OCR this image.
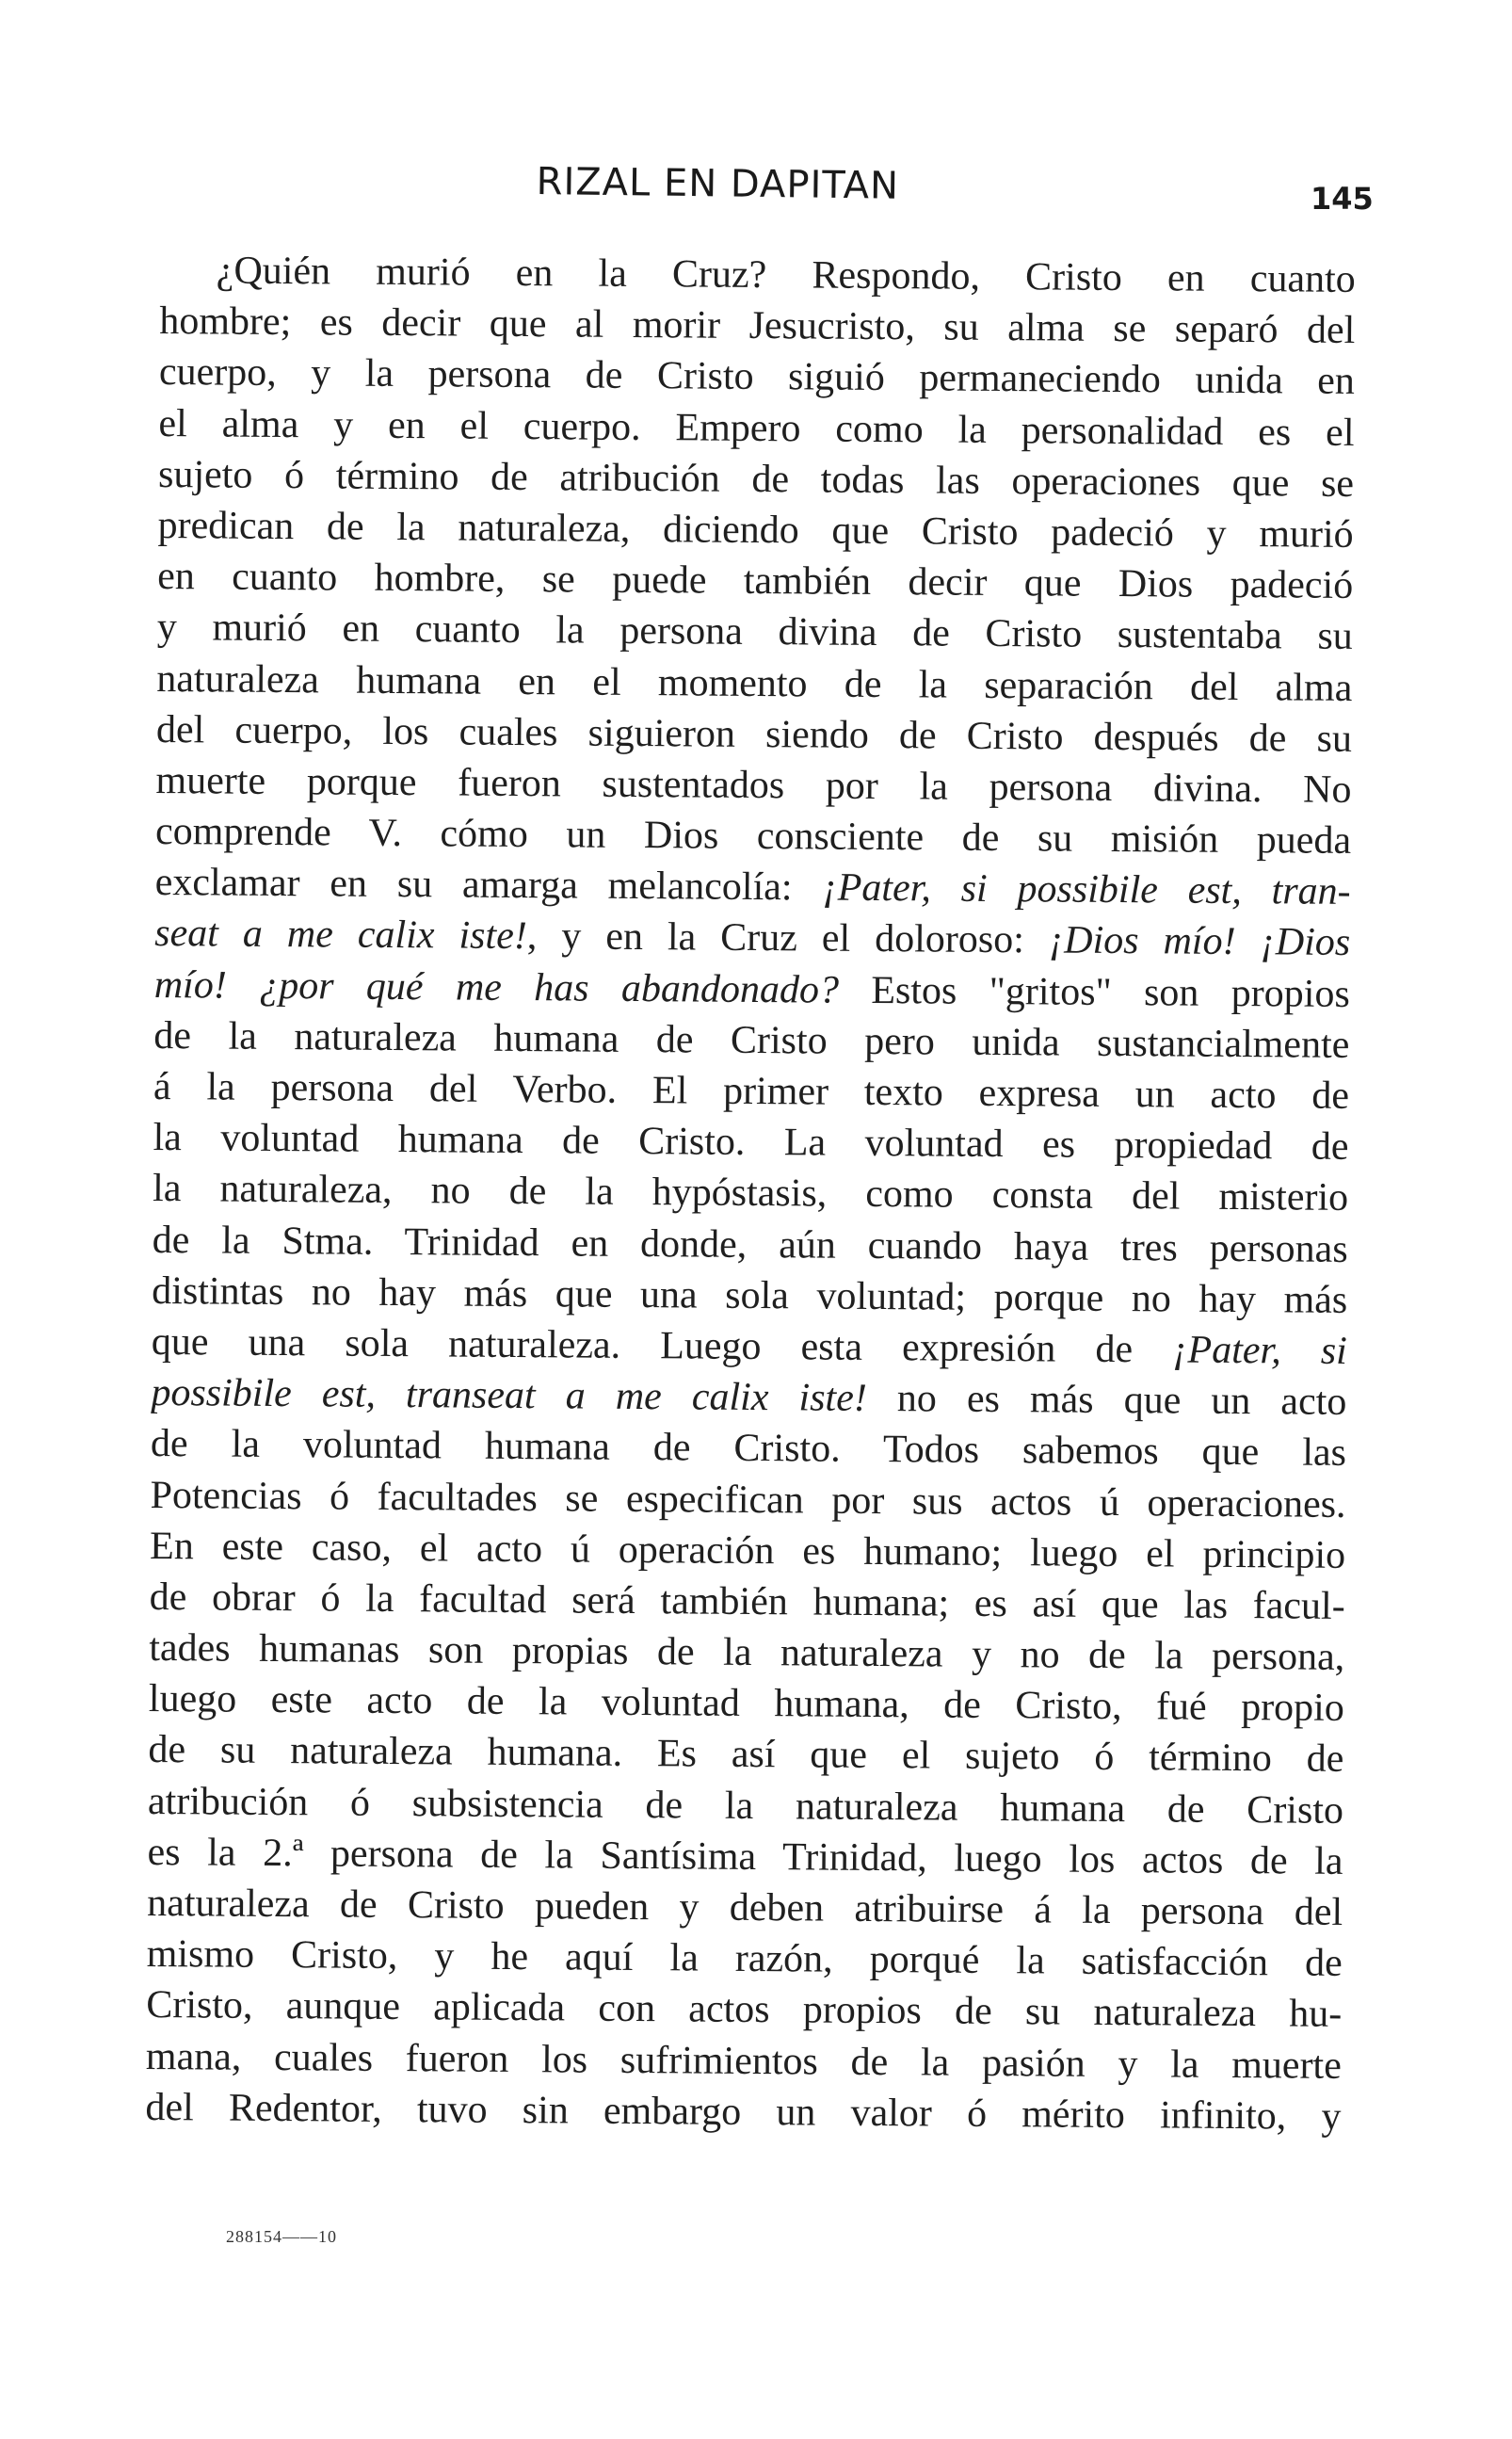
RIZAL EN DAPITAN	145
¿Quién murió en la Cruz? Respondo, Cristo en cuanto
hombre; es decir que al morir Jesucristo, su alma se separó del
cuerpo, y la persona de Cristo siguió permaneciendo unida en
el alma y en el cuerpo. Empero como la personalidad es el
sujeto ó término de atribución de todas las operaciones que se
predican de la naturaleza, diciendo que Cristo padeció y murió
en cuanto hombre, se puede también decir que Dios padeció
y murió en cuanto la persona divina de Cristo sustentaba su
naturaleza humana en el momento de la separación del alma
del cuerpo, los cuales siguieron siendo de Cristo después de su
muerte porque fueron sustentados por la persona divina. No
comprende V. cómo un Dios consciente de su misión pueda
exclamar en su amarga melancolía: ¡Pater, si possibile est, tran-
seat a me calix iste!, y en la Cruz el doloroso: ¡Dios mío! ¡Dios
mío! ¿por qué me has abandonado? Estos "gritos" son propios
de la naturaleza humana de Cristo pero unida sustancialmente
á la persona del Verbo. El primer texto expresa un acto de
la voluntad humana de Cristo. La voluntad es propiedad de
la naturaleza, no de la hypóstasis, como consta del misterio
de la Stma. Trinidad en donde, aún cuando haya tres personas
distintas no hay más que una sola voluntad; porque no hay más
que una sola naturaleza. Luego esta expresión de ¡Pater, si
possibile est, transeat a me calix iste! no es más que un acto
de la voluntad humana de Cristo. Todos sabemos que las
Potencias ó facultades se especifican por sus actos ú operaciones.
En este caso, el acto ú operación es humano; luego el principio
de obrar ó la facultad será también humana; es así que las facul-
tades humanas son propias de la naturaleza y no de la persona,
luego este acto de la voluntad humana, de Cristo, fué propio
de su naturaleza humana. Es así que el sujeto ó término de
atribución ó subsistencia de la naturaleza humana de Cristo
es la 2.ª persona de la Santísima Trinidad, luego los actos de la
naturaleza de Cristo pueden y deben atribuirse á la persona del
mismo Cristo, y he aquí la razón, porqué la satisfacción de
Cristo, aunque aplicada con actos propios de su naturaleza hu-
mana, cuales fueron los sufrimientos de la pasión y la muerte
del Redentor, tuvo sin embargo un valor ó mérito infinito, y
288154——10
